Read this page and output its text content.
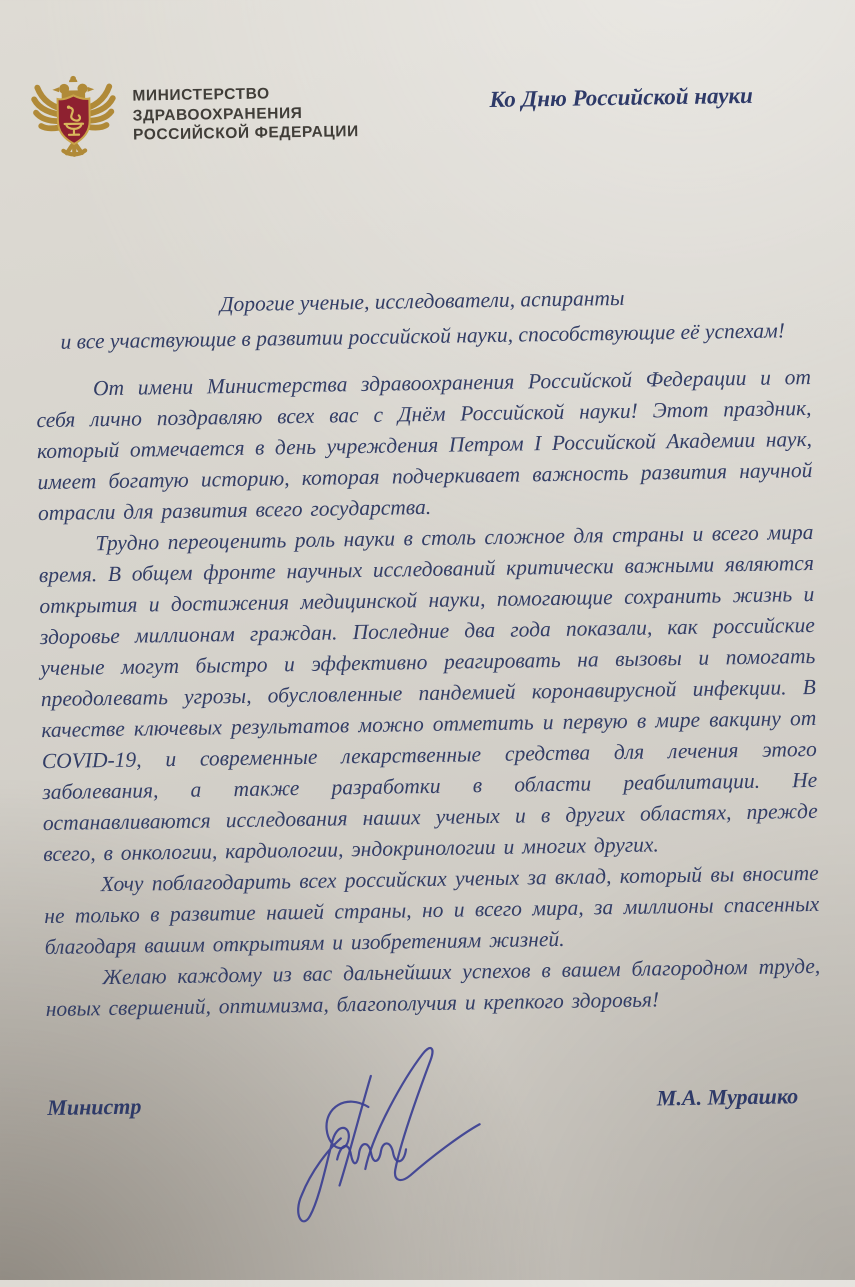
МИНИСТЕРСТВО
ЗДРАВООХРАНЕНИЯ
РОССИЙСКОЙ ФЕДЕРАЦИИ
Ко Дню Российской науки
Дорогие ученые, исследователи, аспиранты
и все участвующие в развитии российской науки, способствующие её успехам!

От имени Министерства здравоохранения Российской Федерации и от себя лично поздравляю всех вас с Днём Российской науки! Этот праздник, который отмечается в день учреждения Петром I Российской Академии наук, имеет богатую историю, которая подчеркивает важность развития научной отрасли для развития всего государства.

Трудно переоценить роль науки в столь сложное для страны и всего мира время. В общем фронте научных исследований критически важными являются открытия и достижения медицинской науки, помогающие сохранить жизнь и здоровье миллионам граждан. Последние два года показали, как российские ученые могут быстро и эффективно реагировать на вызовы и помогать преодолевать угрозы, обусловленные пандемией коронавирусной инфекции. В качестве ключевых результатов можно отметить и первую в мире вакцину от COVID-19, и современные лекарственные средства для лечения этого заболевания, а также разработки в области реабилитации. Не останавливаются исследования наших ученых и в других областях, прежде всего, в онкологии, кардиологии, эндокринологии и многих других.

Хочу поблагодарить всех российских ученых за вклад, который вы вносите не только в развитие нашей страны, но и всего мира, за миллионы спасенных благодаря вашим открытиям и изобретениям жизней.

Желаю каждому из вас дальнейших успехов в вашем благородном труде, новых свершений, оптимизма, благополучия и крепкого здоровья!

Министр	М.А. Мурашко
